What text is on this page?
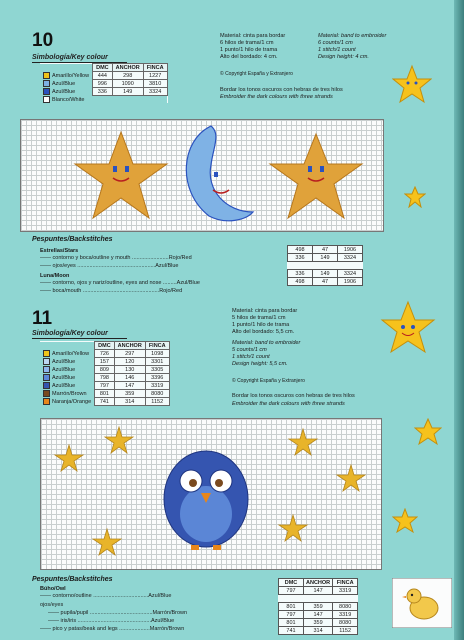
10
Simbología/Key colour
	DMC	ANCHOR	FINCA
Amarillo/Yellow	444	298	1227
Azul/Blue	996	1090	3810
Azul/Blue	336	149	3324
Blanco/White			
Material: cinta para bordar
6 hilos de trama/1 cm
1 punto/1 hilo de trama
Alto del bordado: 4 cm.
Material: band to embroider
6 counts/1 cm
1 stitch/1 count
Design height: 4 cm.
© Copyright España y Extranjero
Bordar los tonos oscuros con hebras de tres hilos
Embroider the dark colours with three strands
Pespuntes/Backstitches
Estrellas/Stars
—— contorno y boca/outline y mouth ........................Rojo/Red
—— ojos/eyes ...................................................Azul/Blue
Luna/Moon
—— contorno, ojos y nariz/outline, eyes and nose .........Azul/Blue
—— boca/mouth ..................................................Rojo/Red
498	47	1906
336	149	3324

336	149	3324
498	47	1906
11
Simbología/Key colour
	DMC	ANCHOR	FINCA
Amarillo/Yellow	726	297	1098
Azul/Blue	157	120	3301
Azul/Blue	809	130	3305
Azul/Blue	798	146	3396
Azul/Blue	797	147	3319
Marrón/Brown	801	359	8080
Naranja/Orange	741	314	1152
Material: cinta para bordar
5 hilos de trama/1 cm
1 punto/1 hilo de trama
Alto del bordado: 5,5 cm.
Material: band to embroider
5 counts/1 cm
1 stitch/1 count
Design height: 5,5 cm.
© Copyright España y Extranjero
Bordar los tonos oscuros con hebras de tres hilos
Embroider the dark colours with three strands
Pespuntes/Backstitches
Búho/Owl
—— contorno/outline ....................................Azul/Blue
ojos/eyes
—— pupila/pupil .........................................Marrón/Brown
—— iris/iris ................................................Azul/Blue
—— pico y patas/beak and legs ....................Marrón/Brown
DMC	ANCHOR	FINCA
797	147	3319

801	359	8080
797	147	3319
801	359	8080
741	314	1152
